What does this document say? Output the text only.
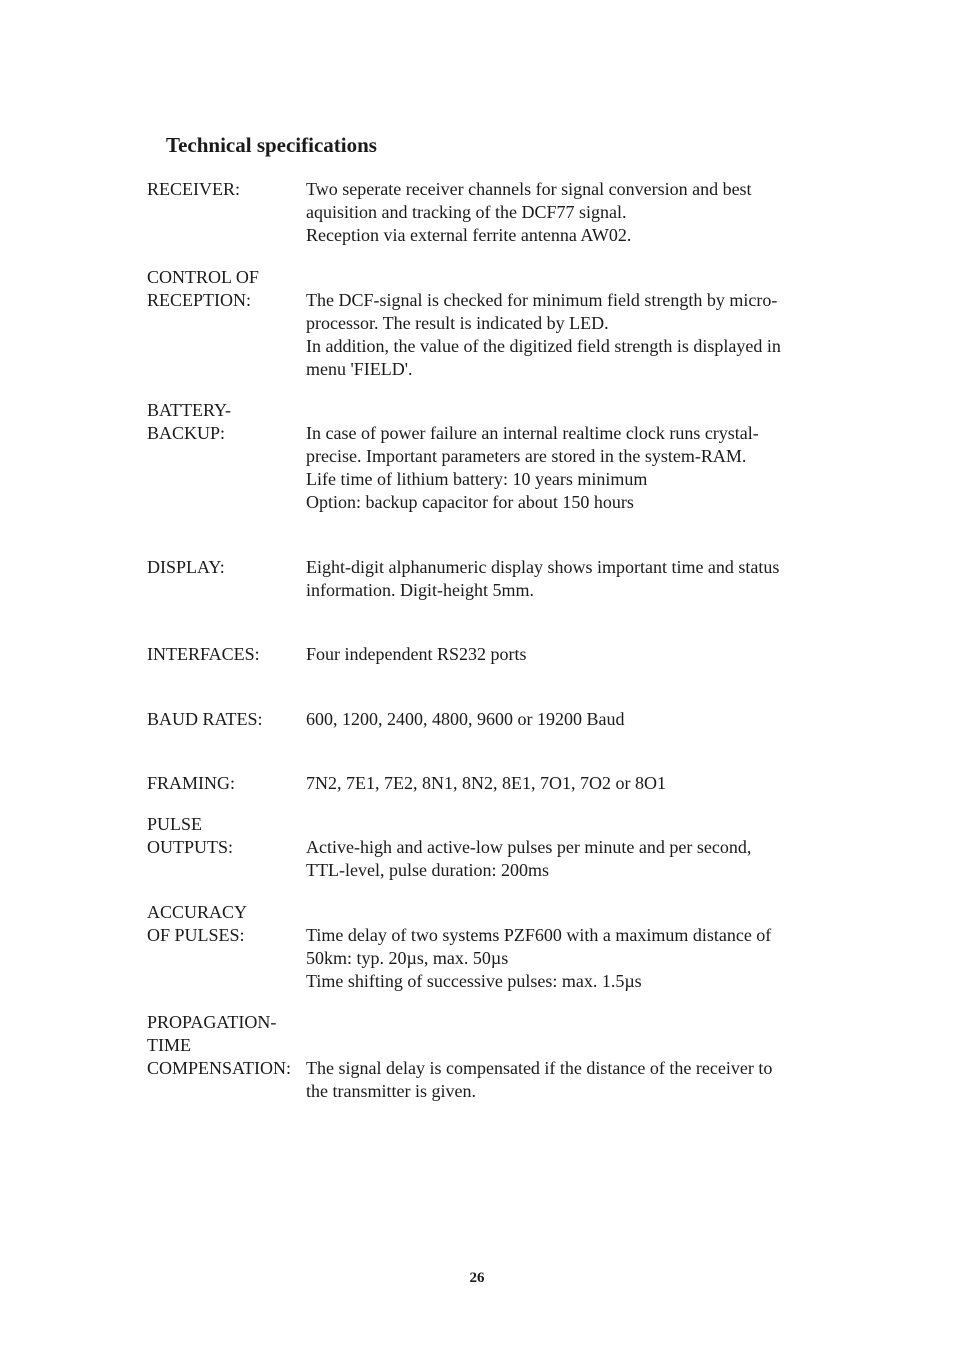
Technical specifications
RECEIVER:	Two seperate receiver channels for signal conversion and best
aquisition and tracking of the DCF77 signal.
Reception via external ferrite antenna AW02.
CONTROL OF
RECEPTION:	The DCF-signal is checked for minimum field strength by micro-
processor. The result is indicated by LED.
In addition, the value of the digitized field strength is displayed in
menu 'FIELD'.
BATTERY-
BACKUP:	In case of power failure an internal realtime clock runs crystal-
precise. Important parameters are stored in the system-RAM.
Life time of lithium battery: 10 years minimum
Option: backup capacitor for about 150 hours
DISPLAY:	Eight-digit alphanumeric display shows important time and status
information. Digit-height 5mm.
INTERFACES:	Four independent RS232 ports
BAUD RATES: 600, 1200, 2400, 4800, 9600 or 19200 Baud
FRAMING:	7N2, 7E1, 7E2, 8N1, 8N2, 8E1, 7O1, 7O2 or 8O1
PULSE
OUTPUTS:	Active-high and active-low pulses per minute and per second,
TTL-level, pulse duration: 200ms
ACCURACY
OF PULSES:	Time delay of two systems PZF600 with a maximum distance of
50km: typ. 20µs, max. 50µs
Time shifting of successive pulses: max. 1.5µs
PROPAGATION-
TIME
COMPENSATION: The signal delay is compensated if the distance of the receiver to
the transmitter is given.
26
